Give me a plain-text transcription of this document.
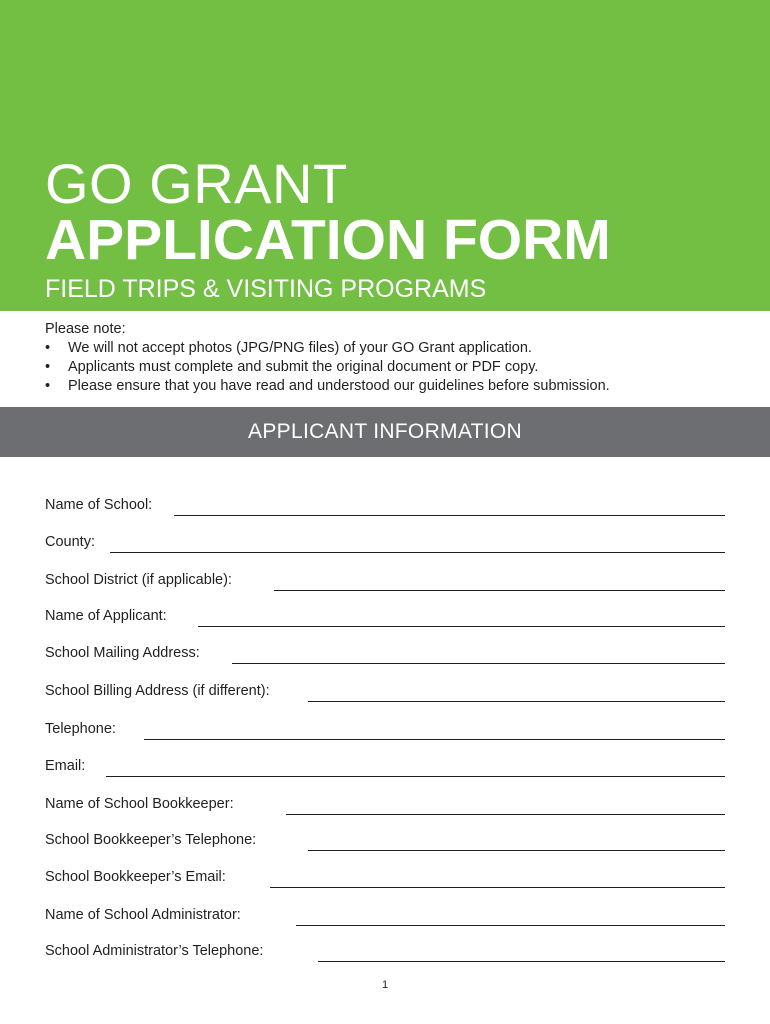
GO GRANT
APPLICATION FORM
FIELD TRIPS & VISITING PROGRAMS
Please note:
• We will not accept photos (JPG/PNG files) of your GO Grant application.
• Applicants must complete and submit the original document or PDF copy.
• Please ensure that you have read and understood our guidelines before submission.
APPLICANT INFORMATION
Name of School:
County:
School District (if applicable):
Name of Applicant:
School Mailing Address:
School Billing Address (if different):
Telephone:
Email:
Name of School Bookkeeper:
School Bookkeeper’s Telephone:
School Bookkeeper’s Email:
Name of School Administrator:
School Administrator’s Telephone:
1
